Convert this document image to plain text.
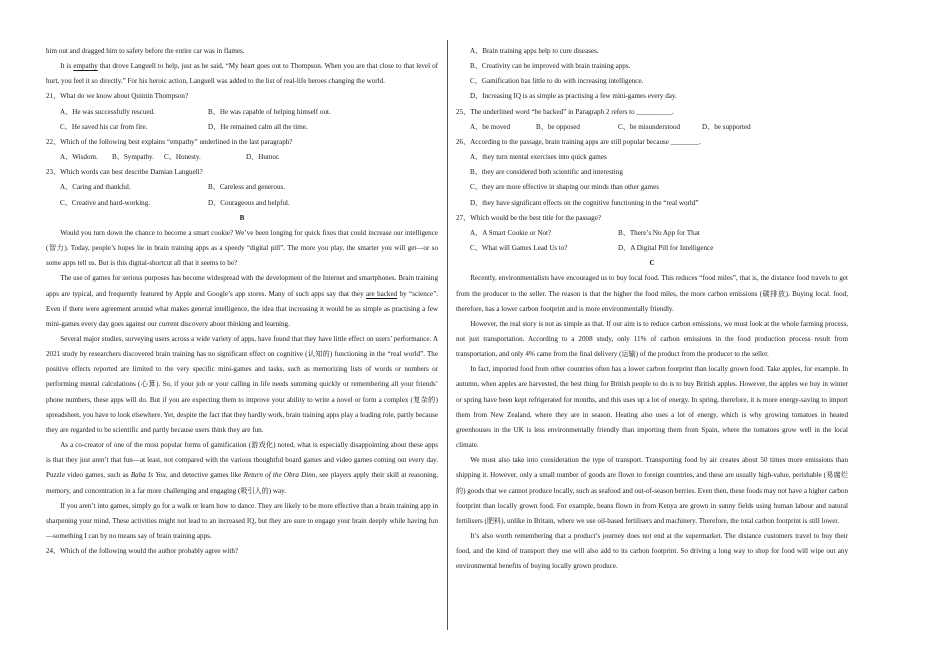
him out and dragged him to safety before the entire car was in flames.

It is empathy that drove Languell to help, just as he said, “My heart goes out to Thompson. When you are that close to that level of hurt, you feel it so directly.” For his heroic action, Languell was added to the list of real-life heroes changing the world.

21、What do we know about Quintin Thompson?

A、He was successfully rescued.	B、He was capable of helping himself out.
C、He saved his car from fire.	D、He remained calm all the time.

22、Which of the following best explains “empathy” underlined in the last paragraph?

A、Wisdom.	B、Sympathy.	C、Honesty.	D、Humor.

23、Which words can best describe Damian Languell?

A、Caring and thankful.	B、Careless and generous.
C、Creative and hard-working.	D、Courageous and helpful.

B

Would you turn down the chance to become a smart cookie? We’ve been longing for quick fixes that could increase our intelligence (智力). Today, people’s hopes lie in brain training apps as a speedy “digital pill”. The more you play, the smarter you will get—or so some apps tell us. But is this digital-shortcut all that it seems to be?

The use of games for serious purposes has become widespread with the development of the Internet and smartphones. Brain training apps are typical, and frequently featured by Apple and Google’s app stores. Many of such apps say that they are backed by “science”. Even if there were agreement around what makes general intelligence, the idea that increasing it would be as simple as practising a few mini-games every day goes against our current discovery about thinking and learning.

Several major studies, surveying users across a wide variety of apps, have found that they have little effect on users’ performance. A 2021 study by researchers discovered brain training has no significant effect on cognitive (认知的) functioning in the “real world”. The positive effects reported are limited to the very specific mini-games and tasks, such as memorizing lists of words or numbers or performing mental calculations (心算). So, if your job or your calling in life needs summing quickly or remembering all your friends’ phone numbers, these apps will do. But if you are expecting them to improve your ability to write a novel or form a complex (复杂的) spreadsheet, you have to look elsewhere. Yet, despite the fact that they hardly work, brain training apps play a leading role, partly because they are regarded to be scientific and partly because users think they are fun.

As a co-creator of one of the most popular forms of gamification (游戏化) noted, what is especially disappointing about these apps is that they just aren’t that fun—at least, not compared with the various thoughtful board games and video games coming out every day. Puzzle video games, such as Baba Is You, and detective games like Return of the Obra Dinn, see players apply their skill at reasoning, memory, and concentration in a far more challenging and engaging (吸引人的) way.

If you aren’t into games, simply go for a walk or learn how to dance. They are likely to be more effective than a brain training app in sharpening your mind. These activities might not lead to an increased IQ, but they are sure to engage your brain deeply while having fun—something I can by no means say of brain training apps.

24、Which of the following would the author probably agree with?

A、Brain training apps help to cure diseases.

B、Creativity can be improved with brain training apps.

C、Gamification has little to do with increasing intelligence.

D、Increasing IQ is as simple as practising a few mini-games every day.

25、The underlined word “be backed” in Paragraph 2 refers to __________.

A、be moved	B、be opposed	C、be misunderstood	D、be supported

26、According to the passage, brain training apps are still popular because ________.

A、they turn mental exercises into quick games

B、they are considered both scientific and interesting

C、they are more effective in shaping our minds than other games

D、they have significant effects on the cognitive functioning in the “real world”

27、Which would be the best title for the passage?

A、A Smart Cookie or Not?	B、There’s No App for That
C、What will Games Lead Us to?	D、A Digital Pill for Intelligence

C

Recently, environmentalists have encouraged us to buy local food. This reduces “food miles”, that is, the distance food travels to get from the producer to the seller. The reason is that the higher the food miles, the more carbon emissions (碳排放). Buying local. food, therefore, has a lower carbon footprint and is more environmentally friendly.

However, the real story is not as simple as that. If our aim is to reduce carbon emissions, we must look at the whole farming process, not just transportation. According to a 2008 study, only 11% of carbon emissions in the food production process result from transportation, and only 4% came from the final delivery (运输) of the product from the producer to the seller.

In fact, imported food from other countries often has a lower carbon footprint than locally grown food. Take apples, for example. In autumn, when apples are harvested, the best thing for British people to do is to buy British apples. However, the apples we buy in winter or spring have been kept refrigerated for months, and this uses up a lot of energy. In spring, therefore, it is more energy-saving to import them from New Zealand, where they are in season. Heating also uses a lot of energy, which is why growing tomatoes in heated greenhouses in the UK is less environmentally friendly than importing them from Spain, where the tomatoes grow well in the local climate.

We must also take into consideration the type of transport. Transporting food by air creates about 50 times more emissions than shipping it. However, only a small number of goods are flown to foreign countries, and these are usually high-value, perishable (易腐烂的) goods that we cannot produce locally, such as seafood and out-of-season berries. Even then, these foods may not have a higher carbon footprint than locally grown food. For example, beans flown in from Kenya are grown in sunny fields using human labour and natural fertilisers (肥料), unlike in Britain, where we use oil-based fertilisers and machinery. Therefore, the total carbon footprint is still lower.

It’s also worth remembering that a product’s journey does not end at the supermarket. The distance customers travel to buy their food, and the kind of transport they use will also add to its carbon footprint. So driving a long way to shop for food will wipe out any environmental benefits of buying locally grown produce.
